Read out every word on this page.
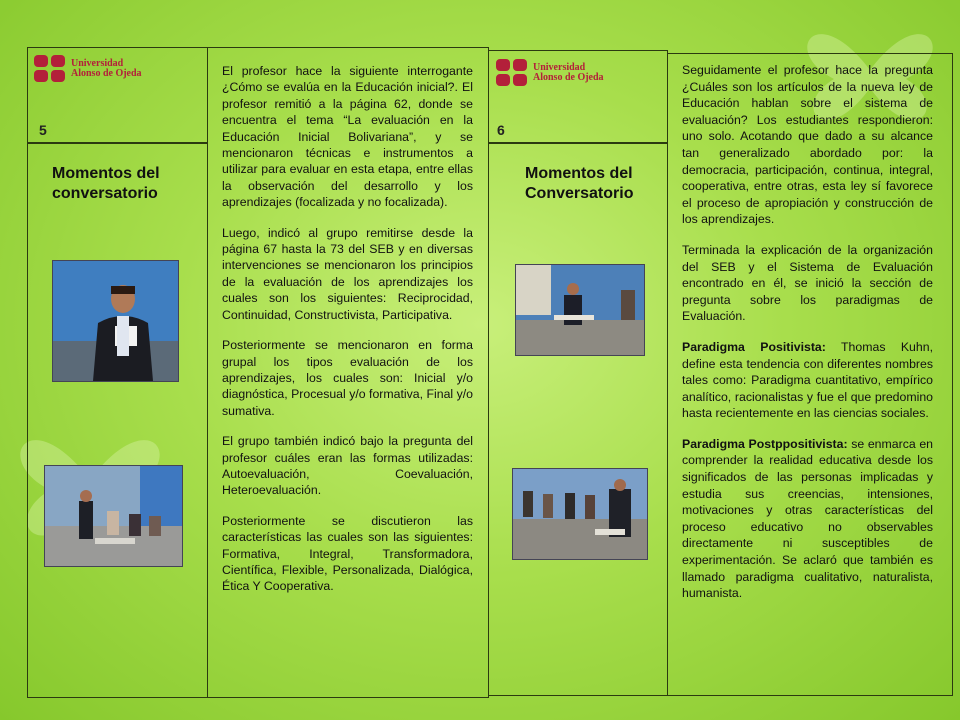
Universidad
Alonso de Ojeda
5
Momentos del
conversatorio

El profesor hace la siguiente interrogante ¿Cómo se evalúa en la Educación inicial?. El profesor remitió a la página 62, donde se encuentra el tema “La evaluación en la Educación Inicial Bolivariana”, y se mencionaron técnicas e instrumentos a utilizar para evaluar en esta etapa, entre ellas la observación del desarrollo y los aprendizajes (focalizada y no focalizada).

Luego, indicó al grupo remitirse desde la página 67 hasta la 73 del SEB y en diversas intervenciones se mencionaron los principios de la evaluación de los aprendizajes los cuales son los siguientes: Reciprocidad, Continuidad, Constructivista, Participativa.

Posteriormente se mencionaron en forma grupal los tipos evaluación de los aprendizajes, los cuales son: Inicial y/o diagnóstica, Procesual y/o formativa, Final y/o sumativa.

El grupo también indicó bajo la pregunta del profesor cuáles eran las formas utilizadas: Autoevaluación, Coevaluación, Heteroevaluación.

Posteriormente se discutieron las características las cuales son las siguientes: Formativa, Integral, Transformadora, Científica, Flexible, Personalizada, Dialógica, Ética Y Cooperativa.

Universidad
Alonso de Ojeda
6
Momentos del
Conversatorio

Seguidamente el profesor hace la pregunta ¿Cuáles son los artículos de la nueva ley de Educación hablan sobre el sistema de evaluación? Los estudiantes respondieron: uno solo. Acotando que dado a su alcance tan generalizado abordado por: la democracia, participación, continua, integral, cooperativa, entre otras, esta ley sí favorece el proceso de apropiación y construcción de los aprendizajes.

Terminada la explicación de la organización del SEB y el Sistema de Evaluación encontrado en él, se inició la sección de pregunta sobre los paradigmas de Evaluación.

Paradigma Positivista: Thomas Kuhn, define esta tendencia con diferentes nombres tales como: Paradigma cuantitativo, empírico analítico, racionalistas y fue el que predomino hasta recientemente en las ciencias sociales.

Paradigma Postppositivista: se enmarca en comprender la realidad educativa desde los significados de las personas implicadas y estudia sus creencias, intensiones, motivaciones y otras características del proceso educativo no observables directamente ni susceptibles de experimentación. Se aclaró que también es llamado paradigma cualitativo, naturalista, humanista.
